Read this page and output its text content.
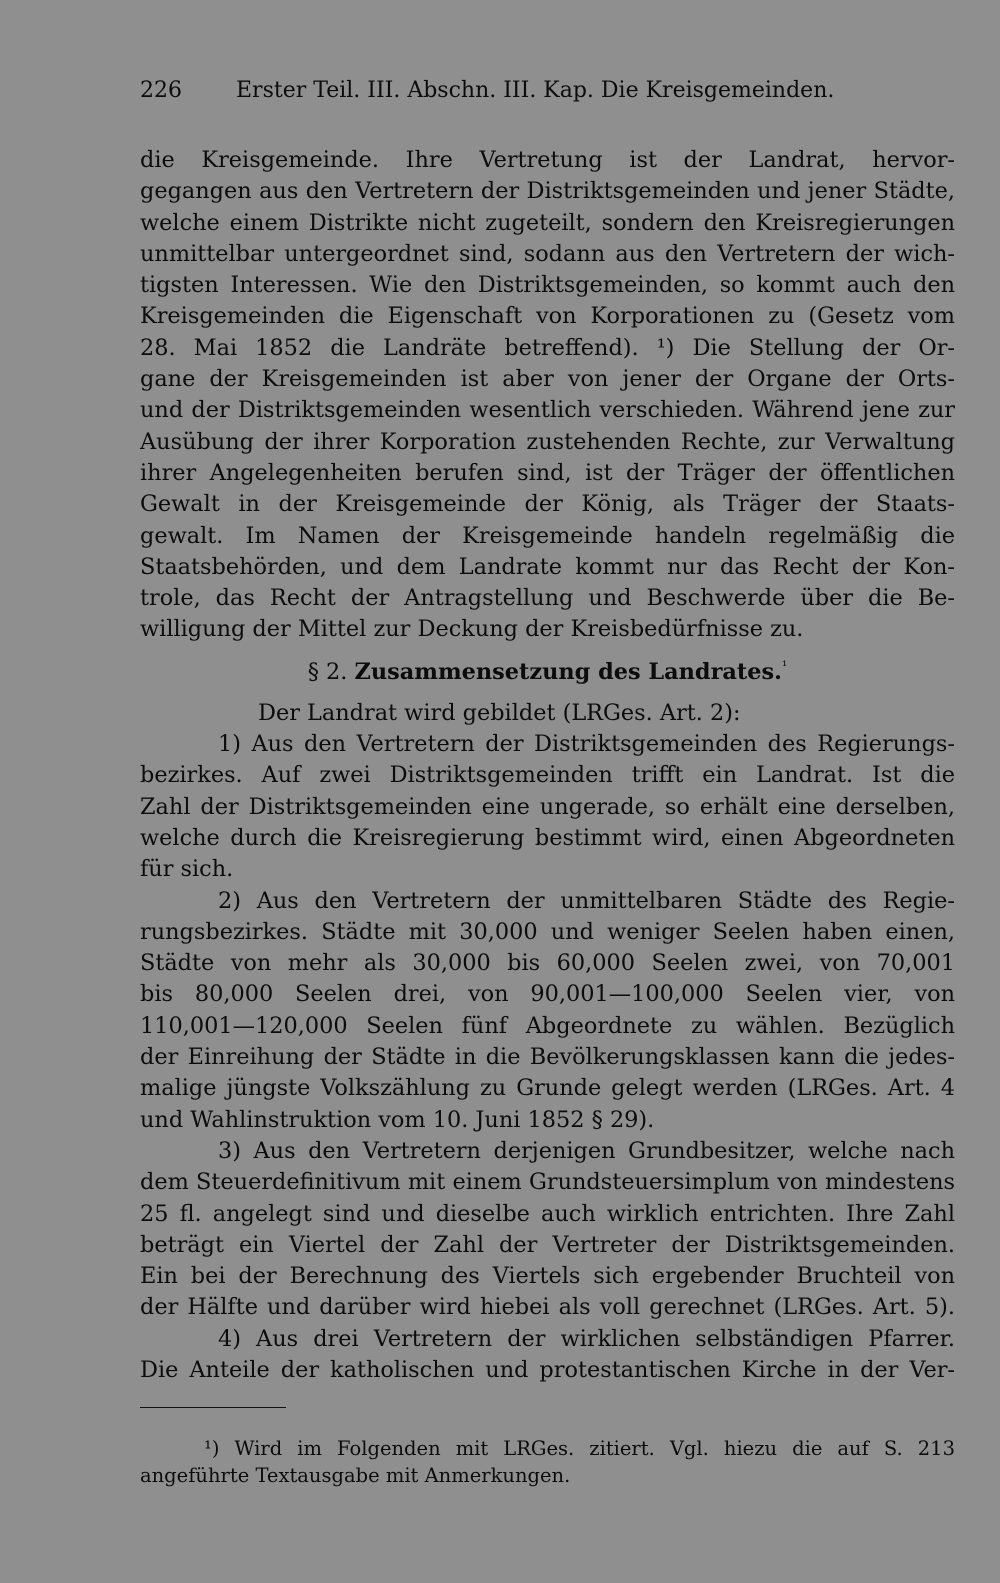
226 Erster Teil. III. Abschn. III. Kap. Die Kreisgemeinden.
die Kreisgemeinde. Ihre Vertretung ist der Landrat, hervor-
gegangen aus den Vertretern der Distriktsgemeinden und jener Städte,
welche einem Distrikte nicht zugeteilt, sondern den Kreisregierungen
unmittelbar untergeordnet sind, sodann aus den Vertretern der wich-
tigsten Interessen. Wie den Distriktsgemeinden, so kommt auch den
Kreisgemeinden die Eigenschaft von Korporationen zu (Gesetz vom
28. Mai 1852 die Landräte betreffend). ¹) Die Stellung der Or-
gane der Kreisgemeinden ist aber von jener der Organe der Orts-
und der Distriktsgemeinden wesentlich verschieden. Während jene zur
Ausübung der ihrer Korporation zustehenden Rechte, zur Verwaltung
ihrer Angelegenheiten berufen sind, ist der Träger der öffentlichen
Gewalt in der Kreisgemeinde der König, als Träger der Staats-
gewalt. Im Namen der Kreisgemeinde handeln regelmäßig die
Staatsbehörden, und dem Landrate kommt nur das Recht der Kon-
trole, das Recht der Antragstellung und Beschwerde über die Be-
willigung der Mittel zur Deckung der Kreisbedürfnisse zu.
§ 2. Zusammensetzung des Landrates.$^{^1}$
Der Landrat wird gebildet (LRGes. Art. 2):
1) Aus den Vertretern der Distriktsgemeinden des Regierungs-
bezirkes. Auf zwei Distriktsgemeinden trifft ein Landrat. Ist die
Zahl der Distriktsgemeinden eine ungerade, so erhält eine derselben,
welche durch die Kreisregierung bestimmt wird, einen Abgeordneten
für sich.
2) Aus den Vertretern der unmittelbaren Städte des Regie-
rungsbezirkes. Städte mit 30,000 und weniger Seelen haben einen,
Städte von mehr als 30,000 bis 60,000 Seelen zwei, von 70,001
bis 80,000 Seelen drei, von 90,001—100,000 Seelen vier, von
110,001—120,000 Seelen fünf Abgeordnete zu wählen. Bezüglich
der Einreihung der Städte in die Bevölkerungsklassen kann die jedes-
malige jüngste Volkszählung zu Grunde gelegt werden (LRGes. Art. 4
und Wahlinstruktion vom 10. Juni 1852 § 29).
3) Aus den Vertretern derjenigen Grundbesitzer, welche nach
dem Steuerdefinitivum mit einem Grundsteuersimplum von mindestens
25 fl. angelegt sind und dieselbe auch wirklich entrichten. Ihre Zahl
beträgt ein Viertel der Zahl der Vertreter der Distriktsgemeinden.
Ein bei der Berechnung des Viertels sich ergebender Bruchteil von
der Hälfte und darüber wird hiebei als voll gerechnet (LRGes. Art. 5).
4) Aus drei Vertretern der wirklichen selbständigen Pfarrer.
Die Anteile der katholischen und protestantischen Kirche in der Ver-
¹) Wird im Folgenden mit LRGes. zitiert. Vgl. hiezu die auf S. 213
angeführte Textausgabe mit Anmerkungen.
